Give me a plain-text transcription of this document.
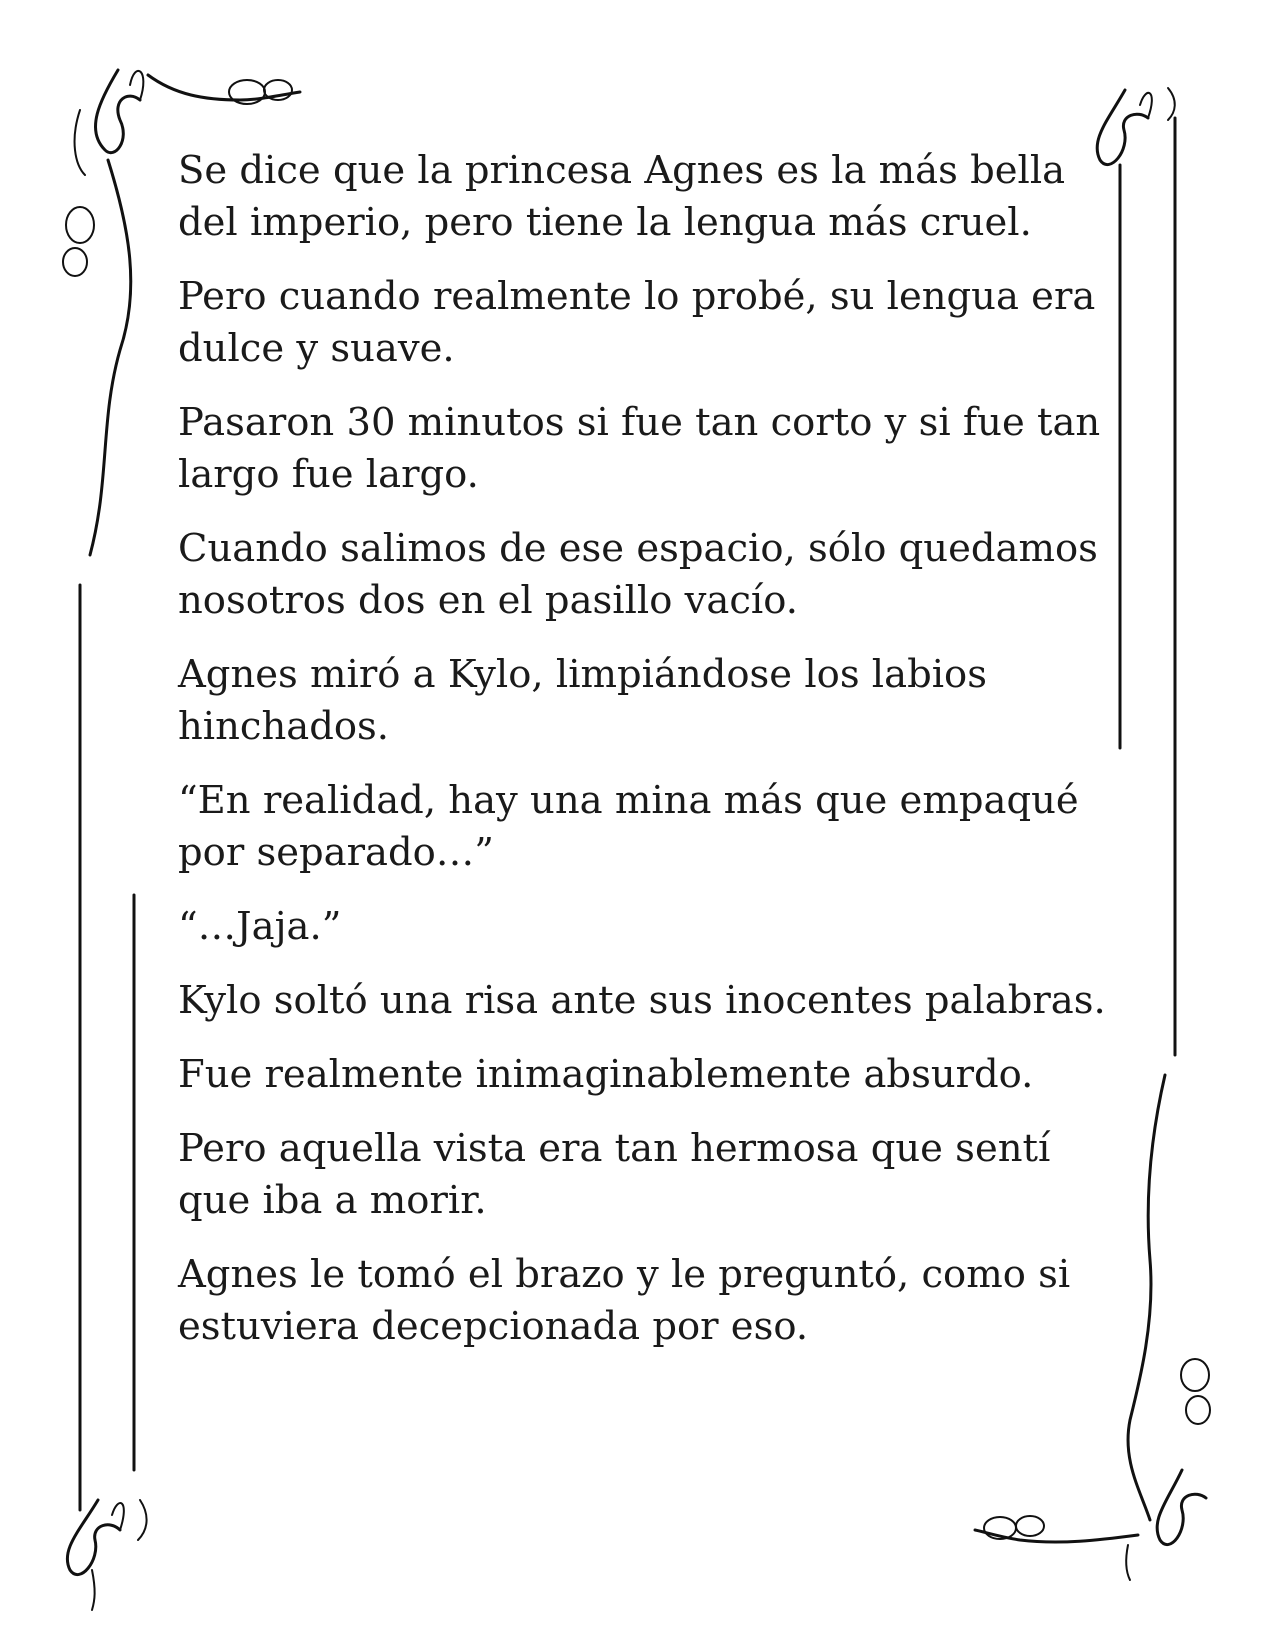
Se dice que la princesa Agnes es la más bella del imperio, pero tiene la lengua más cruel.

Pero cuando realmente lo probé, su lengua era dulce y suave.

Pasaron 30 minutos si fue tan corto y si fue tan largo fue largo.

Cuando salimos de ese espacio, sólo quedamos nosotros dos en el pasillo vacío.

Agnes miró a Kylo, limpiándose los labios hinchados.

“En realidad, hay una mina más que empaqué por separado…”

“…Jaja.”

Kylo soltó una risa ante sus inocentes palabras.

Fue realmente inimaginablemente absurdo.

Pero aquella vista era tan hermosa que sentí que iba a morir.

Agnes le tomó el brazo y le preguntó, como si estuviera decepcionada por eso.
